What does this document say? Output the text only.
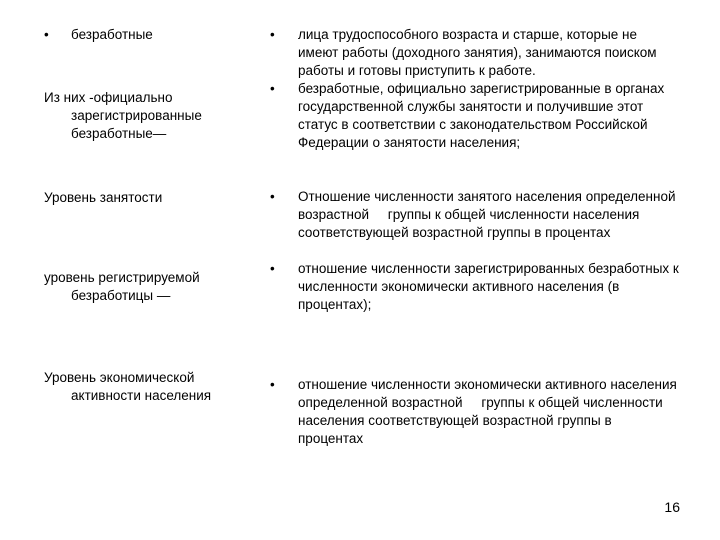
• безработные

Из них -официально зарегистрированные безработные—

Уровень занятости

уровень регистрируемой безработицы —

Уровень экономической активности населения

• лица трудоспособного возраста и старше, которые не имеют работы (доходного занятия), занимаются поиском работы и готовы приступить к работе.

• безработные, официально зарегистрированные в органах государственной службы занятости и получившие этот статус в соответствии с законодательством Российской Федерации о занятости населения;

• Отношение численности занятого населения определенной возрастной     группы к общей численности населения соответствующей возрастной группы в процентах

• отношение численности зарегистрированных безработных к численности экономически активного населения (в процентах);

• отношение численности экономически активного населения определенной возрастной     группы к общей численности населения соответствующей возрастной группы в процентах

16
